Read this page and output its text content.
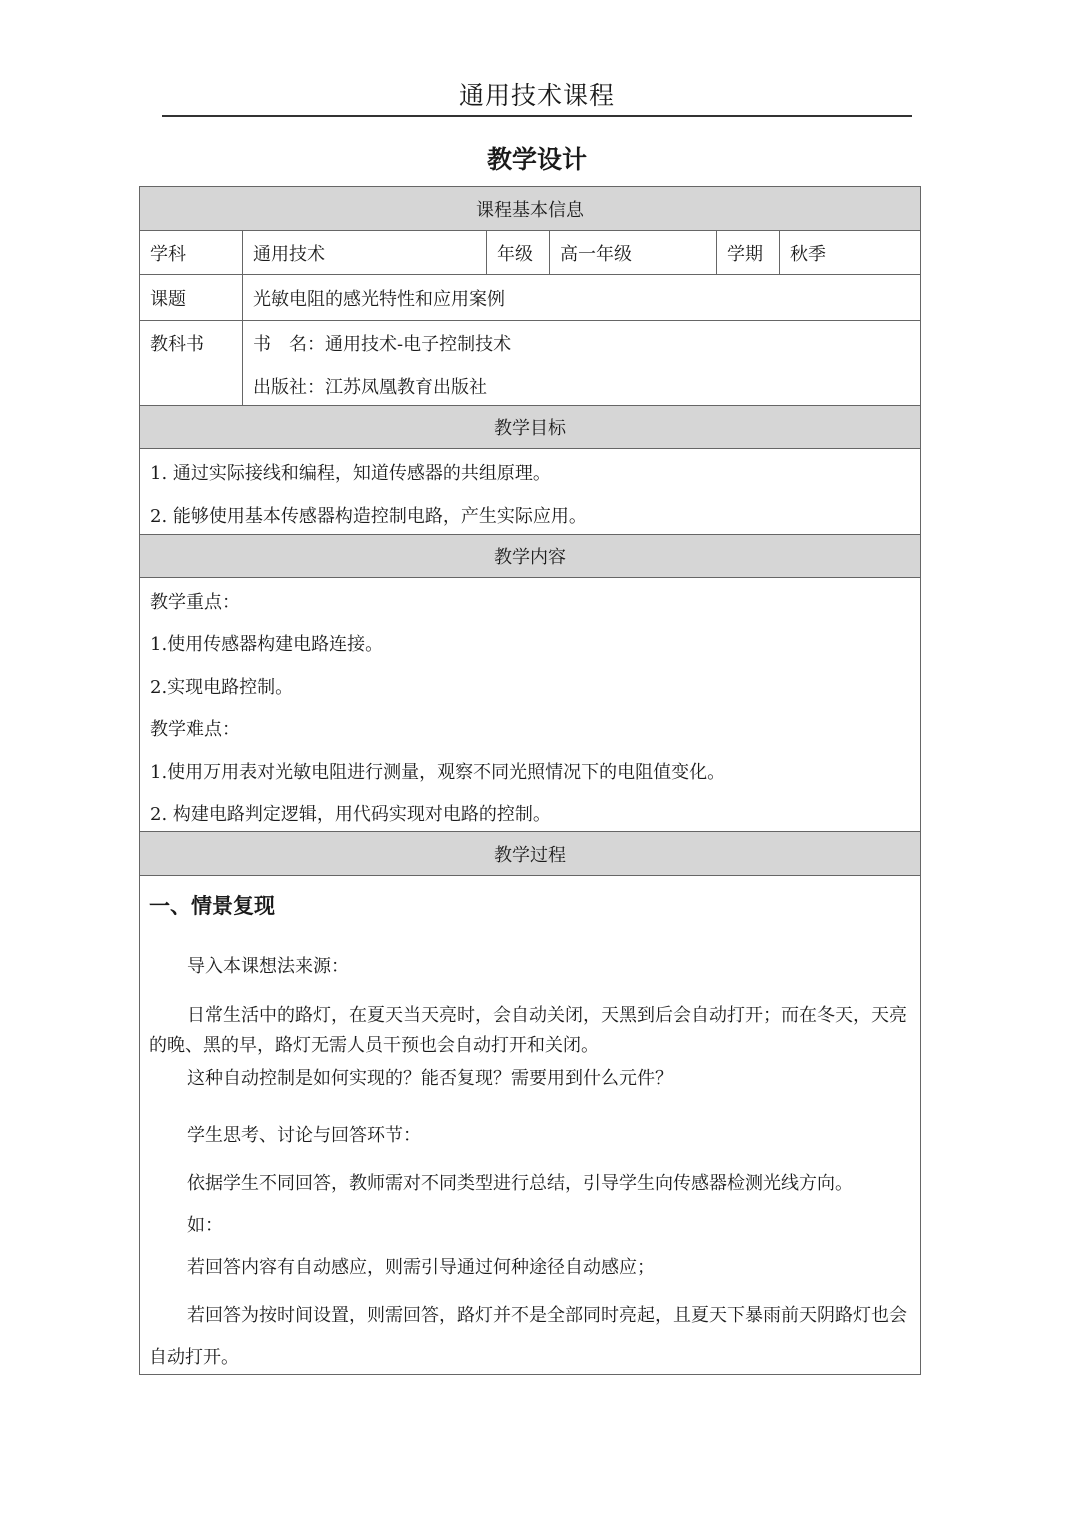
通用技术课程
教学设计
课程基本信息
学科	通用技术	年级	高一年级	学期	秋季
课题	光敏电阻的感光特性和应用案例
教科书	书　名：通用技术-电子控制技术
出版社：江苏凤凰教育出版社
教学目标
1. 通过实际接线和编程，知道传感器的共组原理。
2. 能够使用基本传感器构造控制电路，产生实际应用。
教学内容
教学重点：
1.使用传感器构建电路连接。
2.实现电路控制。
教学难点：
1.使用万用表对光敏电阻进行测量，观察不同光照情况下的电阻值变化。
2. 构建电路判定逻辑，用代码实现对电路的控制。
教学过程
一、情景复现
导入本课想法来源：
日常生活中的路灯，在夏天当天亮时，会自动关闭，天黑到后会自动打开；而在冬天，天亮的晚、黑的早，路灯无需人员干预也会自动打开和关闭。
这种自动控制是如何实现的？能否复现？需要用到什么元件？
学生思考、讨论与回答环节：
依据学生不同回答，教师需对不同类型进行总结，引导学生向传感器检测光线方向。
如：
若回答内容有自动感应，则需引导通过何种途径自动感应；
若回答为按时间设置，则需回答，路灯并不是全部同时亮起，且夏天下暴雨前天阴路灯也会自动打开。
